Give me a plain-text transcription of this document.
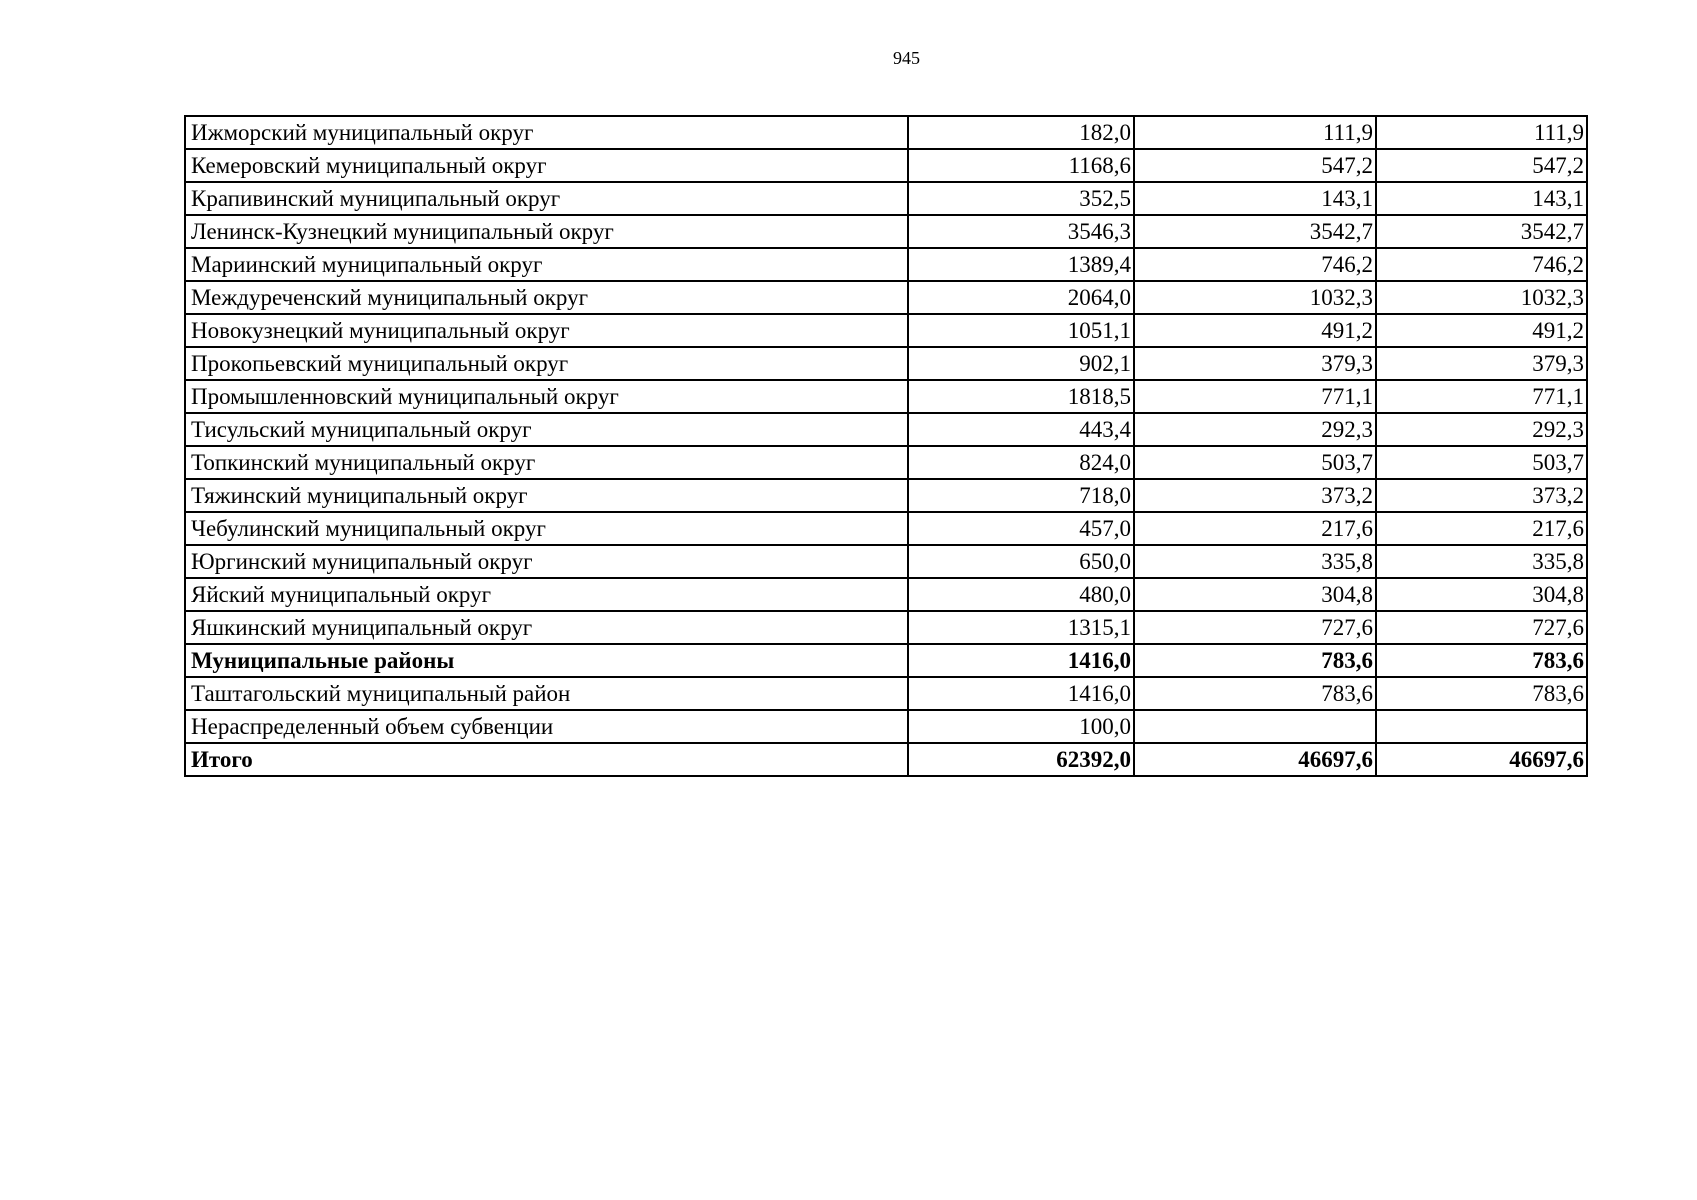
945
Ижморский муниципальный округ	182,0	111,9	111,9
Кемеровский муниципальный округ	1168,6	547,2	547,2
Крапивинский муниципальный округ	352,5	143,1	143,1
Ленинск-Кузнецкий муниципальный округ	3546,3	3542,7	3542,7
Мариинский муниципальный округ	1389,4	746,2	746,2
Междуреченский муниципальный округ	2064,0	1032,3	1032,3
Новокузнецкий муниципальный округ	1051,1	491,2	491,2
Прокопьевский муниципальный округ	902,1	379,3	379,3
Промышленновский муниципальный округ	1818,5	771,1	771,1
Тисульский муниципальный округ	443,4	292,3	292,3
Топкинский муниципальный округ	824,0	503,7	503,7
Тяжинский муниципальный округ	718,0	373,2	373,2
Чебулинский муниципальный округ	457,0	217,6	217,6
Юргинский муниципальный округ	650,0	335,8	335,8
Яйский муниципальный округ	480,0	304,8	304,8
Яшкинский муниципальный округ	1315,1	727,6	727,6
Муниципальные районы	1416,0	783,6	783,6
Таштагольский муниципальный район	1416,0	783,6	783,6
Нераспределенный объем субвенции	100,0		
Итого	62392,0	46697,6	46697,6
